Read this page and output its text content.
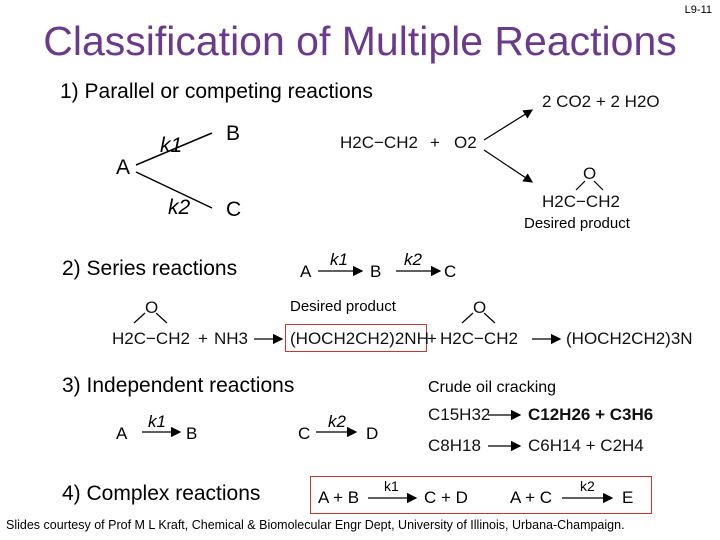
L9-11
Classification of Multiple Reactions
1) Parallel or competing reactions
A
k1
k2
B
C
H2C−CH2 + O2
2 CO2 + 2 H2O
O
H2C−CH2
Desired product
2) Series reactions	A
k1
B
k2
C
Desired product
O
H2C−CH2 + NH3 (HOCH2CH2)2NH
+
O
H2C−CH2	(HOCH2CH2)3N
3) Independent reactions
A
k1
B	C
k2
D
Crude oil cracking
C15H32 C12H26 + C3H6
C8H18	C6H14 + C2H4
4) Complex reactions	A + B
k1
C + D A + C
k2
E
Slides courtesy of Prof M L Kraft, Chemical & Biomolecular Engr Dept, University of Illinois, Urbana-Champaign.
